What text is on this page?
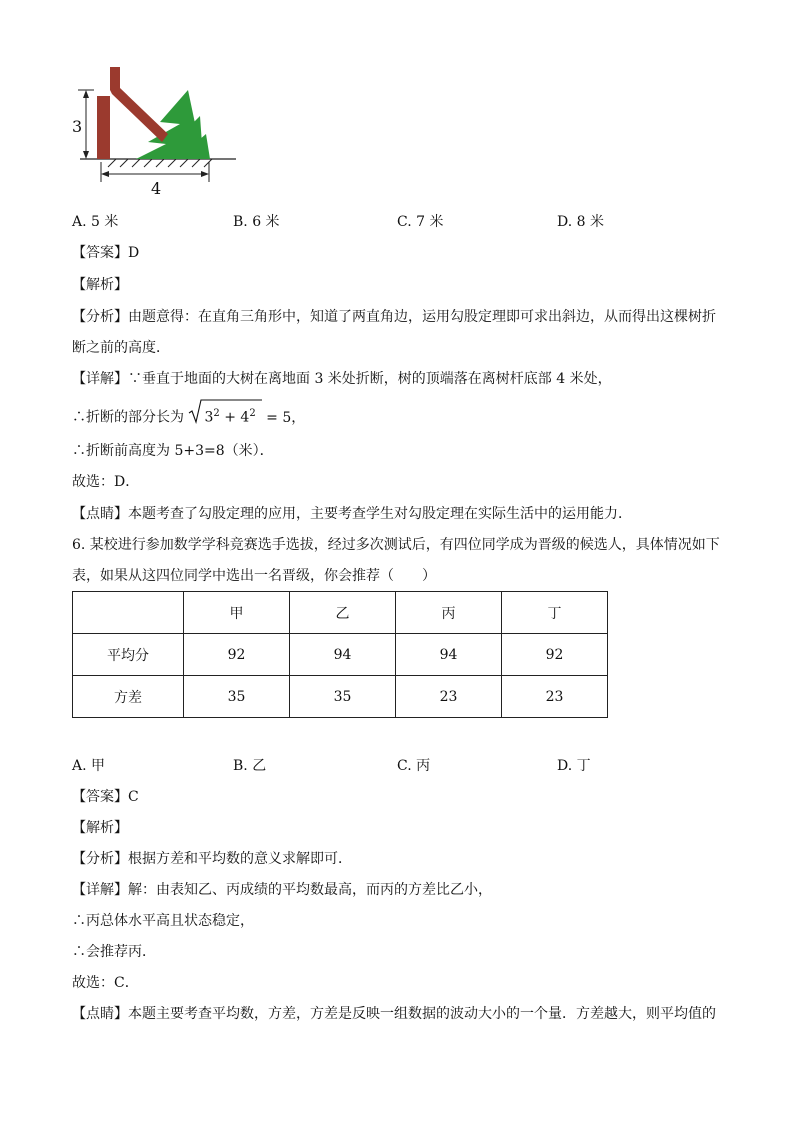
3
4
A. 5 米	B. 6 米	C. 7 米	D. 8 米
【答案】D
【解析】
【分析】由题意得：在直角三角形中，知道了两直角边，运用勾股定理即可求出斜边，从而得出这棵树折
断之前的高度．
【详解】∵垂直于地面的大树在离地面 3 米处折断，树的顶端落在离树杆底部 4 米处，
∴折断的部分长为 $3^2 + 4^2 = 5$，
∴折断前高度为 5+3=8（米）．
故选：D．
【点睛】本题考查了勾股定理的应用，主要考查学生对勾股定理在实际生活中的运用能力．
6. 某校进行参加数学学科竞赛选手选拔，经过多次测试后，有四位同学成为晋级的候选人，具体情况如下
表，如果从这四位同学中选出一名晋级，你会推荐（　　）
	甲	乙	丙	丁
平均分	92	94	94	92
方差	35	35	23	23
A. 甲	B. 乙	C. 丙	D. 丁
【答案】C
【解析】
【分析】根据方差和平均数的意义求解即可．
【详解】解：由表知乙、丙成绩的平均数最高，而丙的方差比乙小，
∴丙总体水平高且状态稳定，
∴会推荐丙．
故选：C．
【点睛】本题主要考查平均数，方差，方差是反映一组数据的波动大小的一个量．方差越大，则平均值的
